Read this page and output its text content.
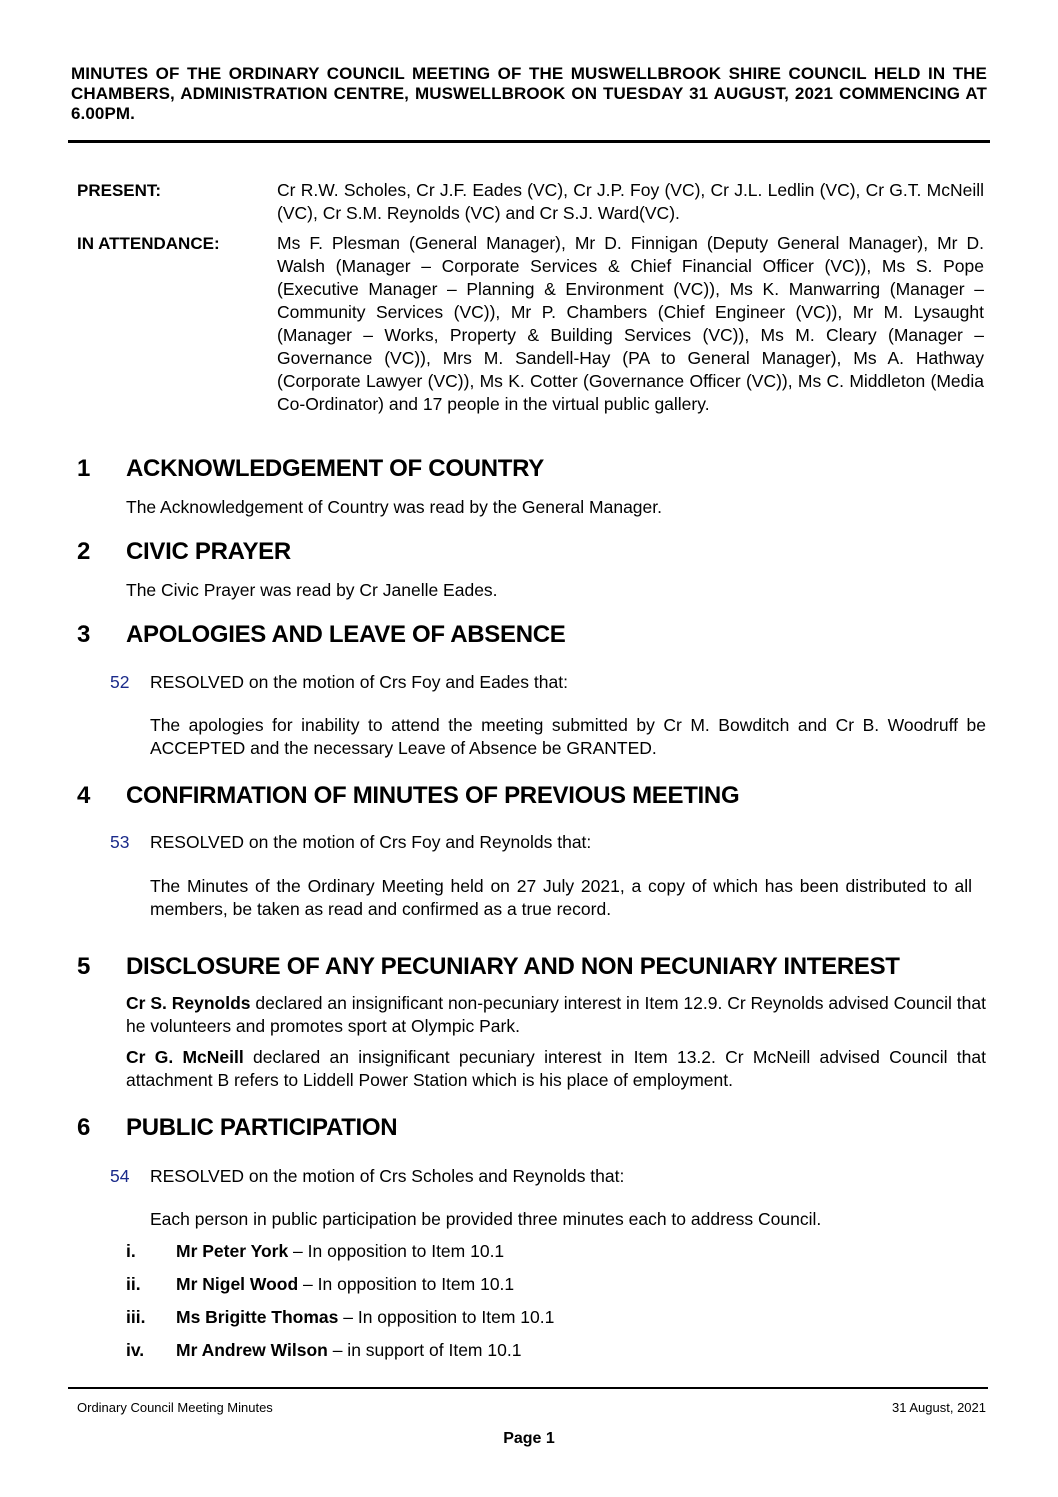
MINUTES OF THE ORDINARY COUNCIL MEETING OF THE MUSWELLBROOK SHIRE COUNCIL HELD IN THE CHAMBERS, ADMINISTRATION CENTRE, MUSWELLBROOK ON TUESDAY 31 AUGUST, 2021 COMMENCING AT 6.00PM.
PRESENT:	Cr R.W. Scholes, Cr J.F. Eades (VC), Cr J.P. Foy (VC), Cr J.L. Ledlin (VC), Cr G.T. McNeill (VC), Cr S.M. Reynolds (VC) and Cr S.J. Ward(VC).
IN ATTENDANCE:	Ms F. Plesman (General Manager), Mr D. Finnigan (Deputy General Manager), Mr D. Walsh (Manager – Corporate Services & Chief Financial Officer (VC)), Ms S. Pope (Executive Manager – Planning & Environment (VC)), Ms K. Manwarring (Manager – Community Services (VC)), Mr P. Chambers (Chief Engineer (VC)), Mr M. Lysaught (Manager – Works, Property & Building Services (VC)), Ms M. Cleary (Manager – Governance (VC)), Mrs M. Sandell-Hay (PA to General Manager), Ms A. Hathway (Corporate Lawyer (VC)), Ms K. Cotter (Governance Officer (VC)), Ms C. Middleton (Media Co-Ordinator) and 17 people in the virtual public gallery.
1 ACKNOWLEDGEMENT OF COUNTRY
The Acknowledgement of Country was read by the General Manager.
2 CIVIC PRAYER
The Civic Prayer was read by Cr Janelle Eades.
3 APOLOGIES AND LEAVE OF ABSENCE
52 RESOLVED on the motion of Crs Foy and Eades that:
The apologies for inability to attend the meeting submitted by Cr M. Bowditch and Cr B. Woodruff be ACCEPTED and the necessary Leave of Absence be GRANTED.
4 CONFIRMATION OF MINUTES OF PREVIOUS MEETING
53 RESOLVED on the motion of Crs Foy and Reynolds that:
The Minutes of the Ordinary Meeting held on 27 July 2021, a copy of which has been distributed to all members, be taken as read and confirmed as a true record.
5 DISCLOSURE OF ANY PECUNIARY AND NON PECUNIARY INTEREST
Cr S. Reynolds declared an insignificant non-pecuniary interest in Item 12.9. Cr Reynolds advised Council that he volunteers and promotes sport at Olympic Park.
Cr G. McNeill declared an insignificant pecuniary interest in Item 13.2. Cr McNeill advised Council that attachment B refers to Liddell Power Station which is his place of employment.
6 PUBLIC PARTICIPATION
54 RESOLVED on the motion of Crs Scholes and Reynolds that:
Each person in public participation be provided three minutes each to address Council.
i. Mr Peter York – In opposition to Item 10.1
ii. Mr Nigel Wood – In opposition to Item 10.1
iii. Ms Brigitte Thomas – In opposition to Item 10.1
iv. Mr Andrew Wilson – in support of Item 10.1
Ordinary Council Meeting Minutes	31 August, 2021
Page 1
